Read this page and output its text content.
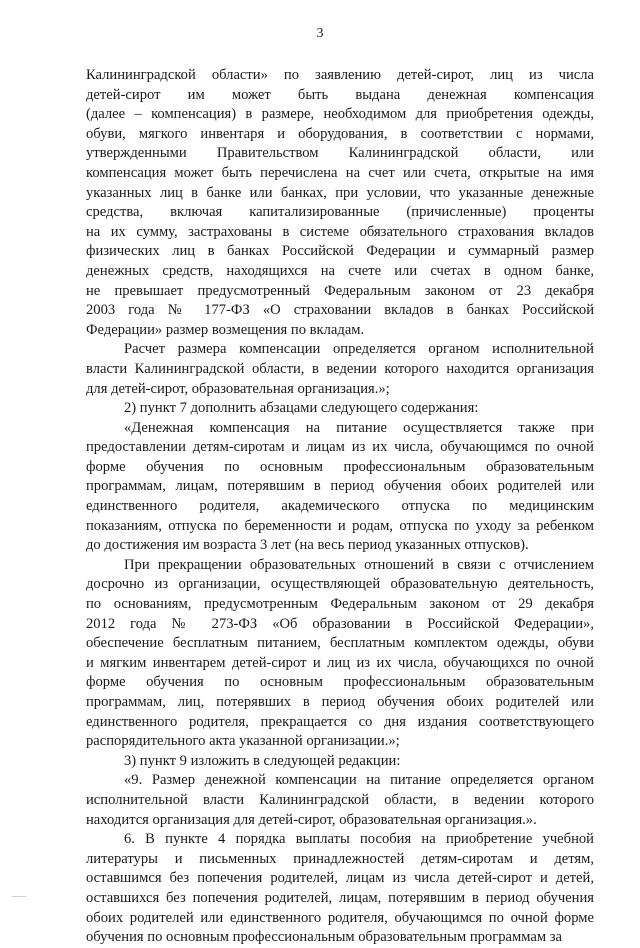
3
Калининградской области» по заявлению детей-сирот, лиц из числа
детей-сирот им может быть выдана денежная компенсация
(далее – компенсация) в размере, необходимом для приобретения одежды,
обуви, мягкого инвентаря и оборудования, в соответствии с нормами,
утвержденными Правительством Калининградской области, или
компенсация может быть перечислена на счет или счета, открытые на имя
указанных лиц в банке или банках, при условии, что указанные денежные
средства, включая капитализированные (причисленные) проценты
на их сумму, застрахованы в системе обязательного страхования вкладов
физических лиц в банках Российской Федерации и суммарный размер
денежных средств, находящихся на счете или счетах в одном банке,
не превышает предусмотренный Федеральным законом от 23 декабря
2003 года № 177-ФЗ «О страховании вкладов в банках Российской
Федерации» размер возмещения по вкладам.
Расчет размера компенсации определяется органом исполнительной
власти Калининградской области, в ведении которого находится организация
для детей-сирот, образовательная организация.»;
2) пункт 7 дополнить абзацами следующего содержания:
«Денежная компенсация на питание осуществляется также при
предоставлении детям-сиротам и лицам из их числа, обучающимся по очной
форме обучения по основным профессиональным образовательным
программам, лицам, потерявшим в период обучения обоих родителей или
единственного родителя, академического отпуска по медицинским
показаниям, отпуска по беременности и родам, отпуска по уходу за ребенком
до достижения им возраста 3 лет (на весь период указанных отпусков).
При прекращении образовательных отношений в связи с отчислением
досрочно из организации, осуществляющей образовательную деятельность,
по основаниям, предусмотренным Федеральным законом от 29 декабря
2012 года № 273-ФЗ «Об образовании в Российской Федерации»,
обеспечение бесплатным питанием, бесплатным комплектом одежды, обуви
и мягким инвентарем детей-сирот и лиц из их числа, обучающихся по очной
форме обучения по основным профессиональным образовательным
программам, лиц, потерявших в период обучения обоих родителей или
единственного родителя, прекращается со дня издания соответствующего
распорядительного акта указанной организации.»;
3) пункт 9 изложить в следующей редакции:
«9. Размер денежной компенсации на питание определяется органом
исполнительной власти Калининградской области, в ведении которого
находится организация для детей-сирот, образовательная организация.».
6. В пункте 4 порядка выплаты пособия на приобретение учебной
литературы и письменных принадлежностей детям-сиротам и детям,
оставшимся без попечения родителей, лицам из числа детей-сирот и детей,
оставшихся без попечения родителей, лицам, потерявшим в период обучения
обоих родителей или единственного родителя, обучающимся по очной форме
обучения по основным профессиональным образовательным программам за
